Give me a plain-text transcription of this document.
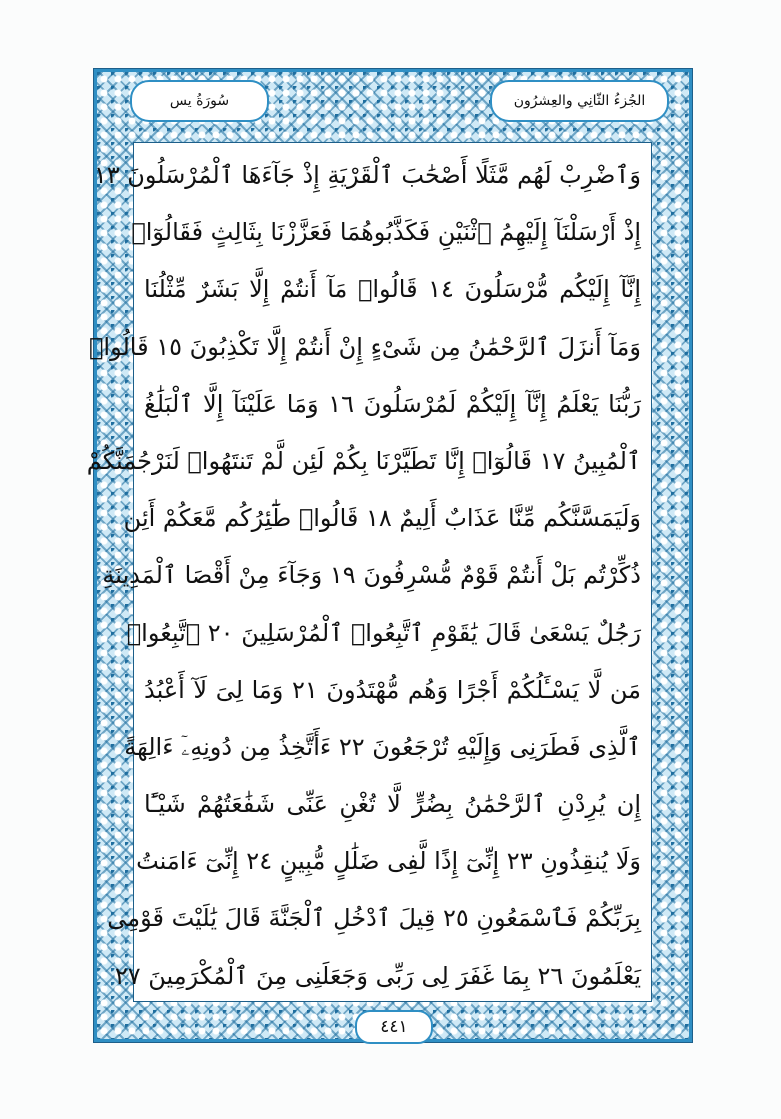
الجُزءُ الثّانِي والعِشرُون
سُورَةُ يس
وَٱضْرِبْ لَهُم مَّثَلًا أَصْحَٰبَ ٱلْقَرْيَةِ إِذْ جَآءَهَا ٱلْمُرْسَلُونَ ١٣
إِذْ أَرْسَلْنَآ إِلَيْهِمُ ٱثْنَيْنِ فَكَذَّبُوهُمَا فَعَزَّزْنَا بِثَالِثٍ فَقَالُوٓا۟
إِنَّآ إِلَيْكُم مُّرْسَلُونَ ١٤ قَالُوا۟ مَآ أَنتُمْ إِلَّا بَشَرٌ مِّثْلُنَا
وَمَآ أَنزَلَ ٱلرَّحْمَٰنُ مِن شَىْءٍ إِنْ أَنتُمْ إِلَّا تَكْذِبُونَ ١٥ قَالُوا۟
رَبُّنَا يَعْلَمُ إِنَّآ إِلَيْكُمْ لَمُرْسَلُونَ ١٦ وَمَا عَلَيْنَآ إِلَّا ٱلْبَلَٰغُ
ٱلْمُبِينُ ١٧ قَالُوٓا۟ إِنَّا تَطَيَّرْنَا بِكُمْ لَئِن لَّمْ تَنتَهُوا۟ لَنَرْجُمَنَّكُمْ
وَلَيَمَسَّنَّكُم مِّنَّا عَذَابٌ أَلِيمٌ ١٨ قَالُوا۟ طَٰٓئِرُكُم مَّعَكُمْ أَئِن
ذُكِّرْتُم بَلْ أَنتُمْ قَوْمٌ مُّسْرِفُونَ ١٩ وَجَآءَ مِنْ أَقْصَا ٱلْمَدِينَةِ
رَجُلٌ يَسْعَىٰ قَالَ يَٰقَوْمِ ٱتَّبِعُوا۟ ٱلْمُرْسَلِينَ ٢٠ ٱتَّبِعُوا۟
مَن لَّا يَسْـَٔلُكُمْ أَجْرًا وَهُم مُّهْتَدُونَ ٢١ وَمَا لِىَ لَآ أَعْبُدُ
ٱلَّذِى فَطَرَنِى وَإِلَيْهِ تُرْجَعُونَ ٢٢ ءَأَتَّخِذُ مِن دُونِهِۦٓ ءَالِهَةً
إِن يُرِدْنِ ٱلرَّحْمَٰنُ بِضُرٍّ لَّا تُغْنِ عَنِّى شَفَٰعَتُهُمْ شَيْـًٔا
وَلَا يُنقِذُونِ ٢٣ إِنِّىٓ إِذًا لَّفِى ضَلَٰلٍ مُّبِينٍ ٢٤ إِنِّىٓ ءَامَنتُ
بِرَبِّكُمْ فَٱسْمَعُونِ ٢٥ قِيلَ ٱدْخُلِ ٱلْجَنَّةَ قَالَ يَٰلَيْتَ قَوْمِى
يَعْلَمُونَ ٢٦ بِمَا غَفَرَ لِى رَبِّى وَجَعَلَنِى مِنَ ٱلْمُكْرَمِينَ ٢٧
٤٤١
